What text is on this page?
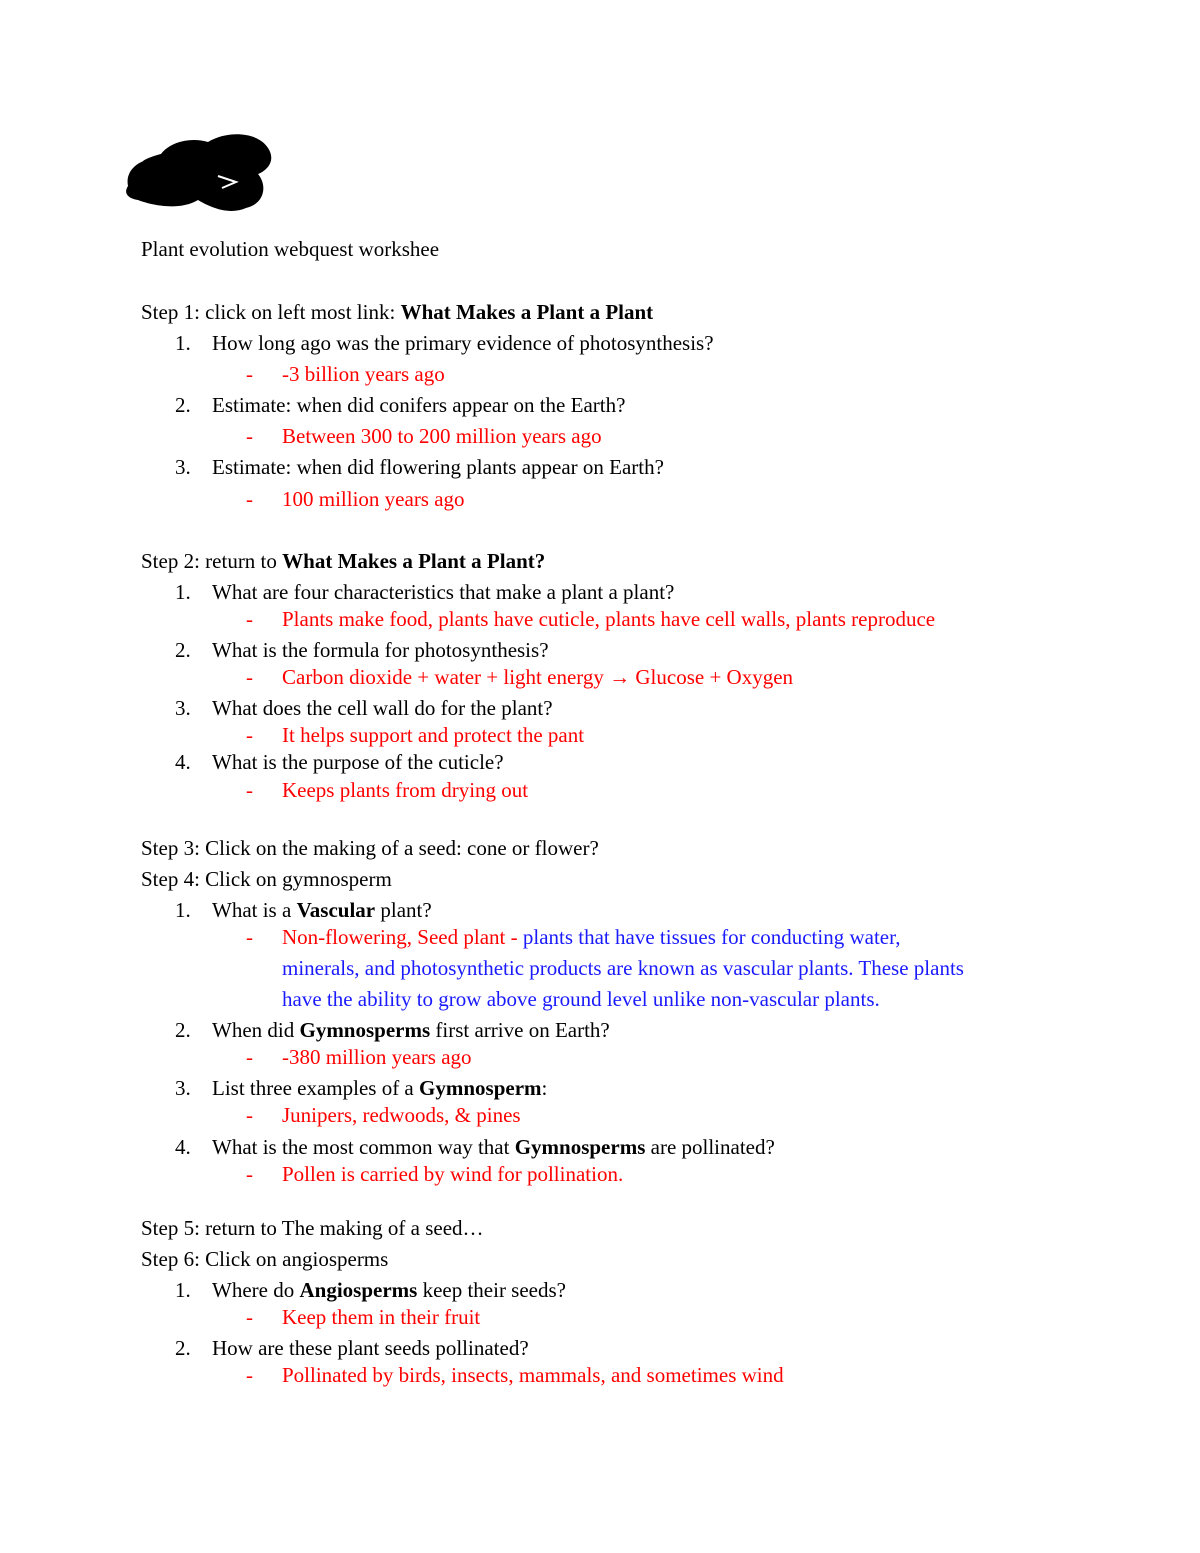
Plant evolution webquest workshee
Step 1: click on left most link: What Makes a Plant a Plant
1. How long ago was the primary evidence of photosynthesis?
- -3 billion years ago
2. Estimate: when did conifers appear on the Earth?
- Between 300 to 200 million years ago
3. Estimate: when did flowering plants appear on Earth?
- 100 million years ago
Step 2: return to What Makes a Plant a Plant?
1. What are four characteristics that make a plant a plant?
- Plants make food, plants have cuticle, plants have cell walls, plants reproduce
2. What is the formula for photosynthesis?
- Carbon dioxide + water + light energy → Glucose + Oxygen
3. What does the cell wall do for the plant?
- It helps support and protect the pant
4. What is the purpose of the cuticle?
- Keeps plants from drying out
Step 3: Click on the making of a seed: cone or flower?
Step 4: Click on gymnosperm
1. What is a Vascular plant?
- Non-flowering, Seed plant - plants that have tissues for conducting water,
minerals, and photosynthetic products are known as vascular plants. These plants
have the ability to grow above ground level unlike non-vascular plants.
2. When did Gymnosperms first arrive on Earth?
- -380 million years ago
3. List three examples of a Gymnosperm:
- Junipers, redwoods, & pines
4. What is the most common way that Gymnosperms are pollinated?
- Pollen is carried by wind for pollination.
Step 5: return to The making of a seed…
Step 6: Click on angiosperms
1. Where do Angiosperms keep their seeds?
- Keep them in their fruit
2. How are these plant seeds pollinated?
- Pollinated by birds, insects, mammals, and sometimes wind
